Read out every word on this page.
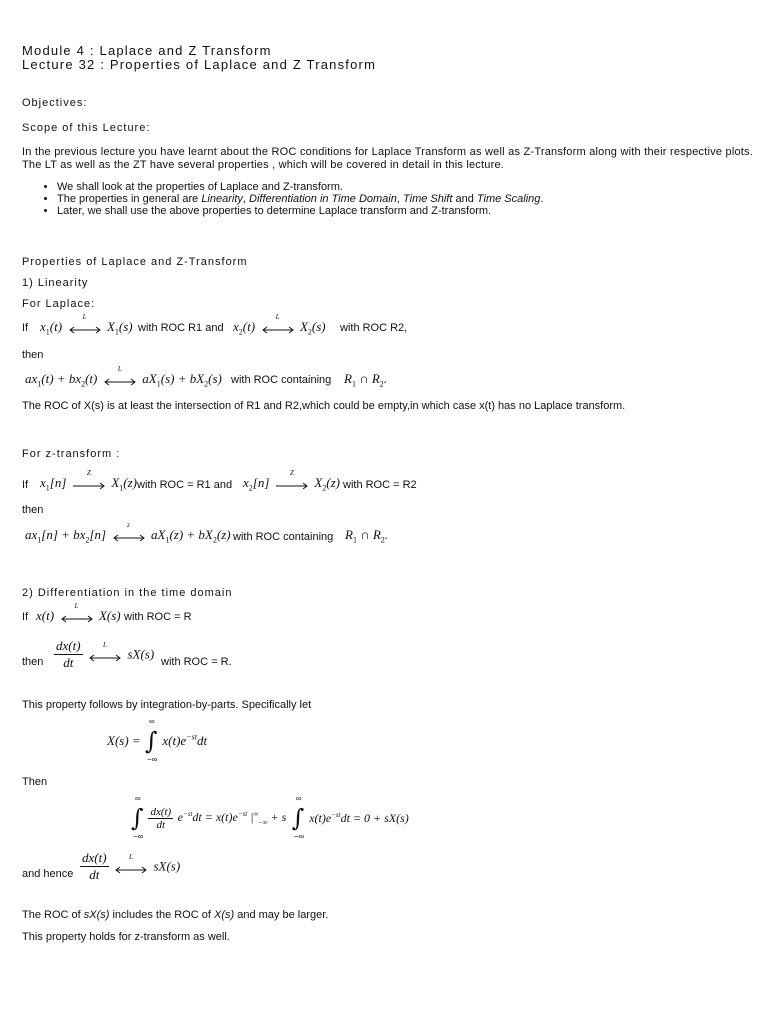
Module 4 : Laplace and Z Transform
Lecture 32 : Properties of Laplace and Z Transform
Objectives:
Scope of this Lecture:
In the previous lecture you have learnt about the ROC conditions for Laplace Transform as well as Z-Transform along with their respective plots. The LT as well as the ZT have several properties , which will be covered in detail in this lecture.
• We shall look at the properties of Laplace and Z-transform.
• The properties in general are Linearity, Differentiation in Time Domain, Time Shift and Time Scaling.
• Later, we shall use the above properties to determine Laplace transform and Z-transform.
Properties of Laplace and Z-Transform
1) Linearity
For Laplace:
If $x_1(t)$
L
$X_1(s)$ with ROC R1 and $x_2(t)$
L
$X_2(s)$ with ROC R2,
then
$ax_1(t) + bx_2(t)$
L
$aX_1(s) + bX_2(s)$ with ROC containing $R_1$ ∩ $R_2$.
The ROC of X(s) is at least the intersection of R1 and R2,which could be empty,in which case x(t) has no Laplace transform.
For z-transform :
If $x_1[n]$
Z
$X_1(z)$ with ROC = R1 and $x_2[n]$
Z
$X_2(z)$ with ROC = R2
then
$ax_1[n] + bx_2[n]$
z
$aX_1(z) + bX_2(z)$ with ROC containing $R_1$ ∩ $R_2$.
2) Differentiation in the time domain
If x(t)
L
X(s) with ROC = R
then $\frac{dx(t)}{dt}$
	L
sX(s)
with ROC = R.
This property follows by integration-by-parts. Specifically let
X(s) =
∞
∫
−∞
$x(t)e^{-st}dt$
Then
∞
∫
−∞

$\frac{dx(t)}{dt} e^{-st}dt = x(t)e^{-st}$ $|^\infty_{-\infty} + s$
∞
∫
−∞
$x(t)e^{-st}dt = 0 + sX(s)$
and hence $\frac{dx(t)}{dt}$
	L
sX(s)
The ROC of sX(s) includes the ROC of X(s) and may be larger.
This property holds for z-transform as well.
